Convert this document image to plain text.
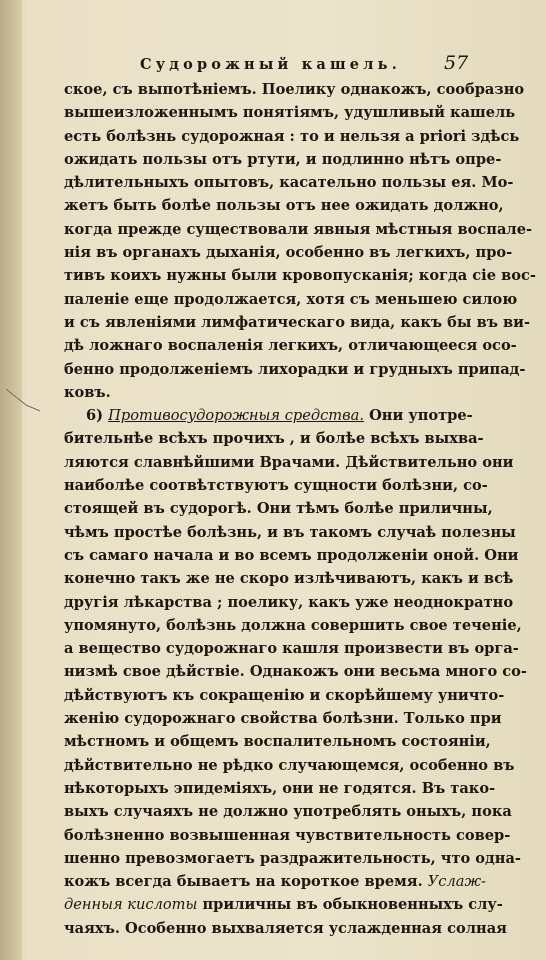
Судорожный кашель. 57
ское, съ выпотѣніемъ. Поелику однакожъ, сообразно
вышеизложеннымъ понятіямъ, удушливый кашель
есть болѣзнь судорожная : то и нельзя a priori здѣсь
ожидать пользы отъ ртути, и подлинно нѣтъ опре-
дѣлительныхъ опытовъ, касательно пользы ея. Мо-
жетъ быть болѣе пользы отъ нее ожидать должно,
когда прежде существовали явныя мѣстныя воспале-
нія въ органахъ дыханія, особенно въ легкихъ, про-
тивъ коихъ нужны были кровопусканія; когда сіе вос-
паленіе еще продолжается, хотя съ меньшею силою
и съ явленіями лимфатическаго вида, какъ бы въ ви-
дѣ ложнаго воспаленія легкихъ, отличающееся осо-
бенно продолженіемъ лихорадки и грудныхъ припад-
ковъ.
6) Противосудорожныя средства. Они употре-
бительнѣе всѣхъ прочихъ , и болѣе всѣхъ выхва-
ляются славнѣйшими Врачами. Дѣйствительно они
наиболѣе соотвѣтствуютъ сущности болѣзни, со-
стоящей въ судорогѣ. Они тѣмъ болѣе приличны,
чѣмъ простѣе болѣзнь, и въ такомъ случаѣ полезны
съ самаго начала и во всемъ продолженіи оной. Они
конечно такъ же не скоро излѣчиваютъ, какъ и всѣ
другія лѣкарства ; поелику, какъ уже неоднократно
упомянуто, болѣзнь должна совершить свое теченіе,
а вещество судорожнаго кашля произвести въ орга-
низмѣ свое дѣйствіе. Однакожъ они весьма много со-
дѣйствуютъ къ сокращенію и скорѣйшему уничто-
женію судорожнаго свойства болѣзни. Только при
мѣстномъ и общемъ воспалительномъ состояніи,
дѣйствительно не рѣдко случающемся, особенно въ
нѣкоторыхъ эпидеміяхъ, они не годятся. Въ тако-
выхъ случаяхъ не должно употреблять оныхъ, пока
болѣзненно возвышенная чувствительность совер-
шенно превозмогаетъ раздражительность, что одна-
кожъ всегда бываетъ на короткое время. Услаж-
денныя кислоты приличны въ обыкновенныхъ слу-
чаяхъ. Особенно выхваляется услажденная солная
